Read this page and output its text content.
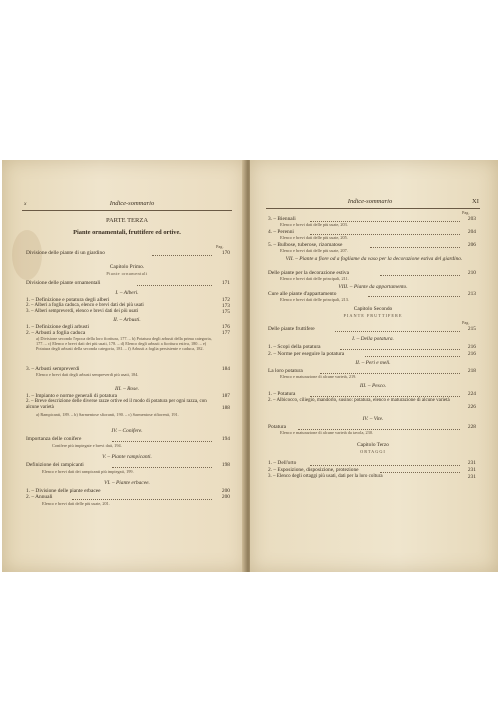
x	Indice-sommario
PARTE TERZA
Piante ornamentali, fruttifere ed ortive.
Pag.
Divisione delle piante di un giardino	170
Capitolo Primo.
Piante ornamentali
Divisione delle piante ornamentali	171
I. – Alberi.
1. – Definizione e potatura degli alberi	172
2. – Alberi a foglia caduca, elenco e brevi dati dei più usati	173
3. – Alberi sempreverdi, elenco e brevi dati dei più usati	175
II. – Arbusti.
1. – Definizione degli arbusti	176
2. – Arbusti a foglia caduca	177
a) Divisione secondo l'epoca della loro fioritura, 177. – b) Potatura degli arbusti della prima categoria, 177. – c) Elenco e brevi dati dei più usati, 178. – d) Elenco degli arbusti a fioritura estiva, 180. – e) Potatura degli arbusti della seconda categoria, 181. – f) Arbusti a foglia persistente e caduca, 182.
3. – Arbusti sempreverdi	184
Elenco e brevi dati degli arbusti sempreverdi più usati, 184.
III. – Rose.
1. – Impianto e norme generali di potatura	187
2. – Breve descrizione delle diverse razze ortive ed il modo di potatura per ogni razza, con alcune varietà	188
a) Rampicanti, 189. – b) Sarmentose sfioranti, 190. – c) Sarmentose rifiorenti, 191.
IV. – Conifere.
Importanza delle conifere	194
Conifere più impiegate e brevi dati, 194.
V. – Piante rampicanti.
Definizione dei rampicanti	198
Elenco e brevi dati dei rampicanti più impiegati, 199.
VI. – Piante erbacee.
1. – Divisione delle piante erbacee	200
2. – Annuali	200
Elenco e brevi dati delle più usate, 201.
Indice-sommario	XI
Pag.
3. – Biennali	203
Elenco e brevi dati delle più usate, 203.
4. – Perenni	204
Elenco e brevi dati delle più usate, 205.
5. – Bulbose, tuberose, rizomatose	206
Elenco e brevi dati delle più usate, 207.
VII. – Piante a fiore od a fogliame da vaso per la decorazione estiva del giardino.
Delle piante per la decorazione estiva	210
Elenco e brevi dati delle principali, 211.
VIII. – Piante da appartamento.
Cure alle piante d'appartamento	213
Elenco e brevi dati delle principali, 213.
Capitolo Secondo
PIANTE FRUTTIFERE
Pag.
Delle piante fruttifere	215
I. – Della potatura.
1. – Scopi della potatura	216
2. – Norme per eseguire la potatura	216
II. – Peri e meli.
La loro potatura	218
Elenco e maturazione di alcune varietà, 219.
III. – Pesco.
1. – Potatura	224
2. – Albicocco, ciliegio, mandorlo, susino: potatura, elenco e maturazione di alcune varietà
226
IV. – Vite.
Potatura	228
Elenco e maturazione di alcune varietà da tavola, 230.
Capitolo Terzo
ORTAGGI
1. – Dell'orto	231
2. – Esposizione, disposizione, protezione	231
3. – Elenco degli ortaggi più usati, dati per la loro coltura	231
